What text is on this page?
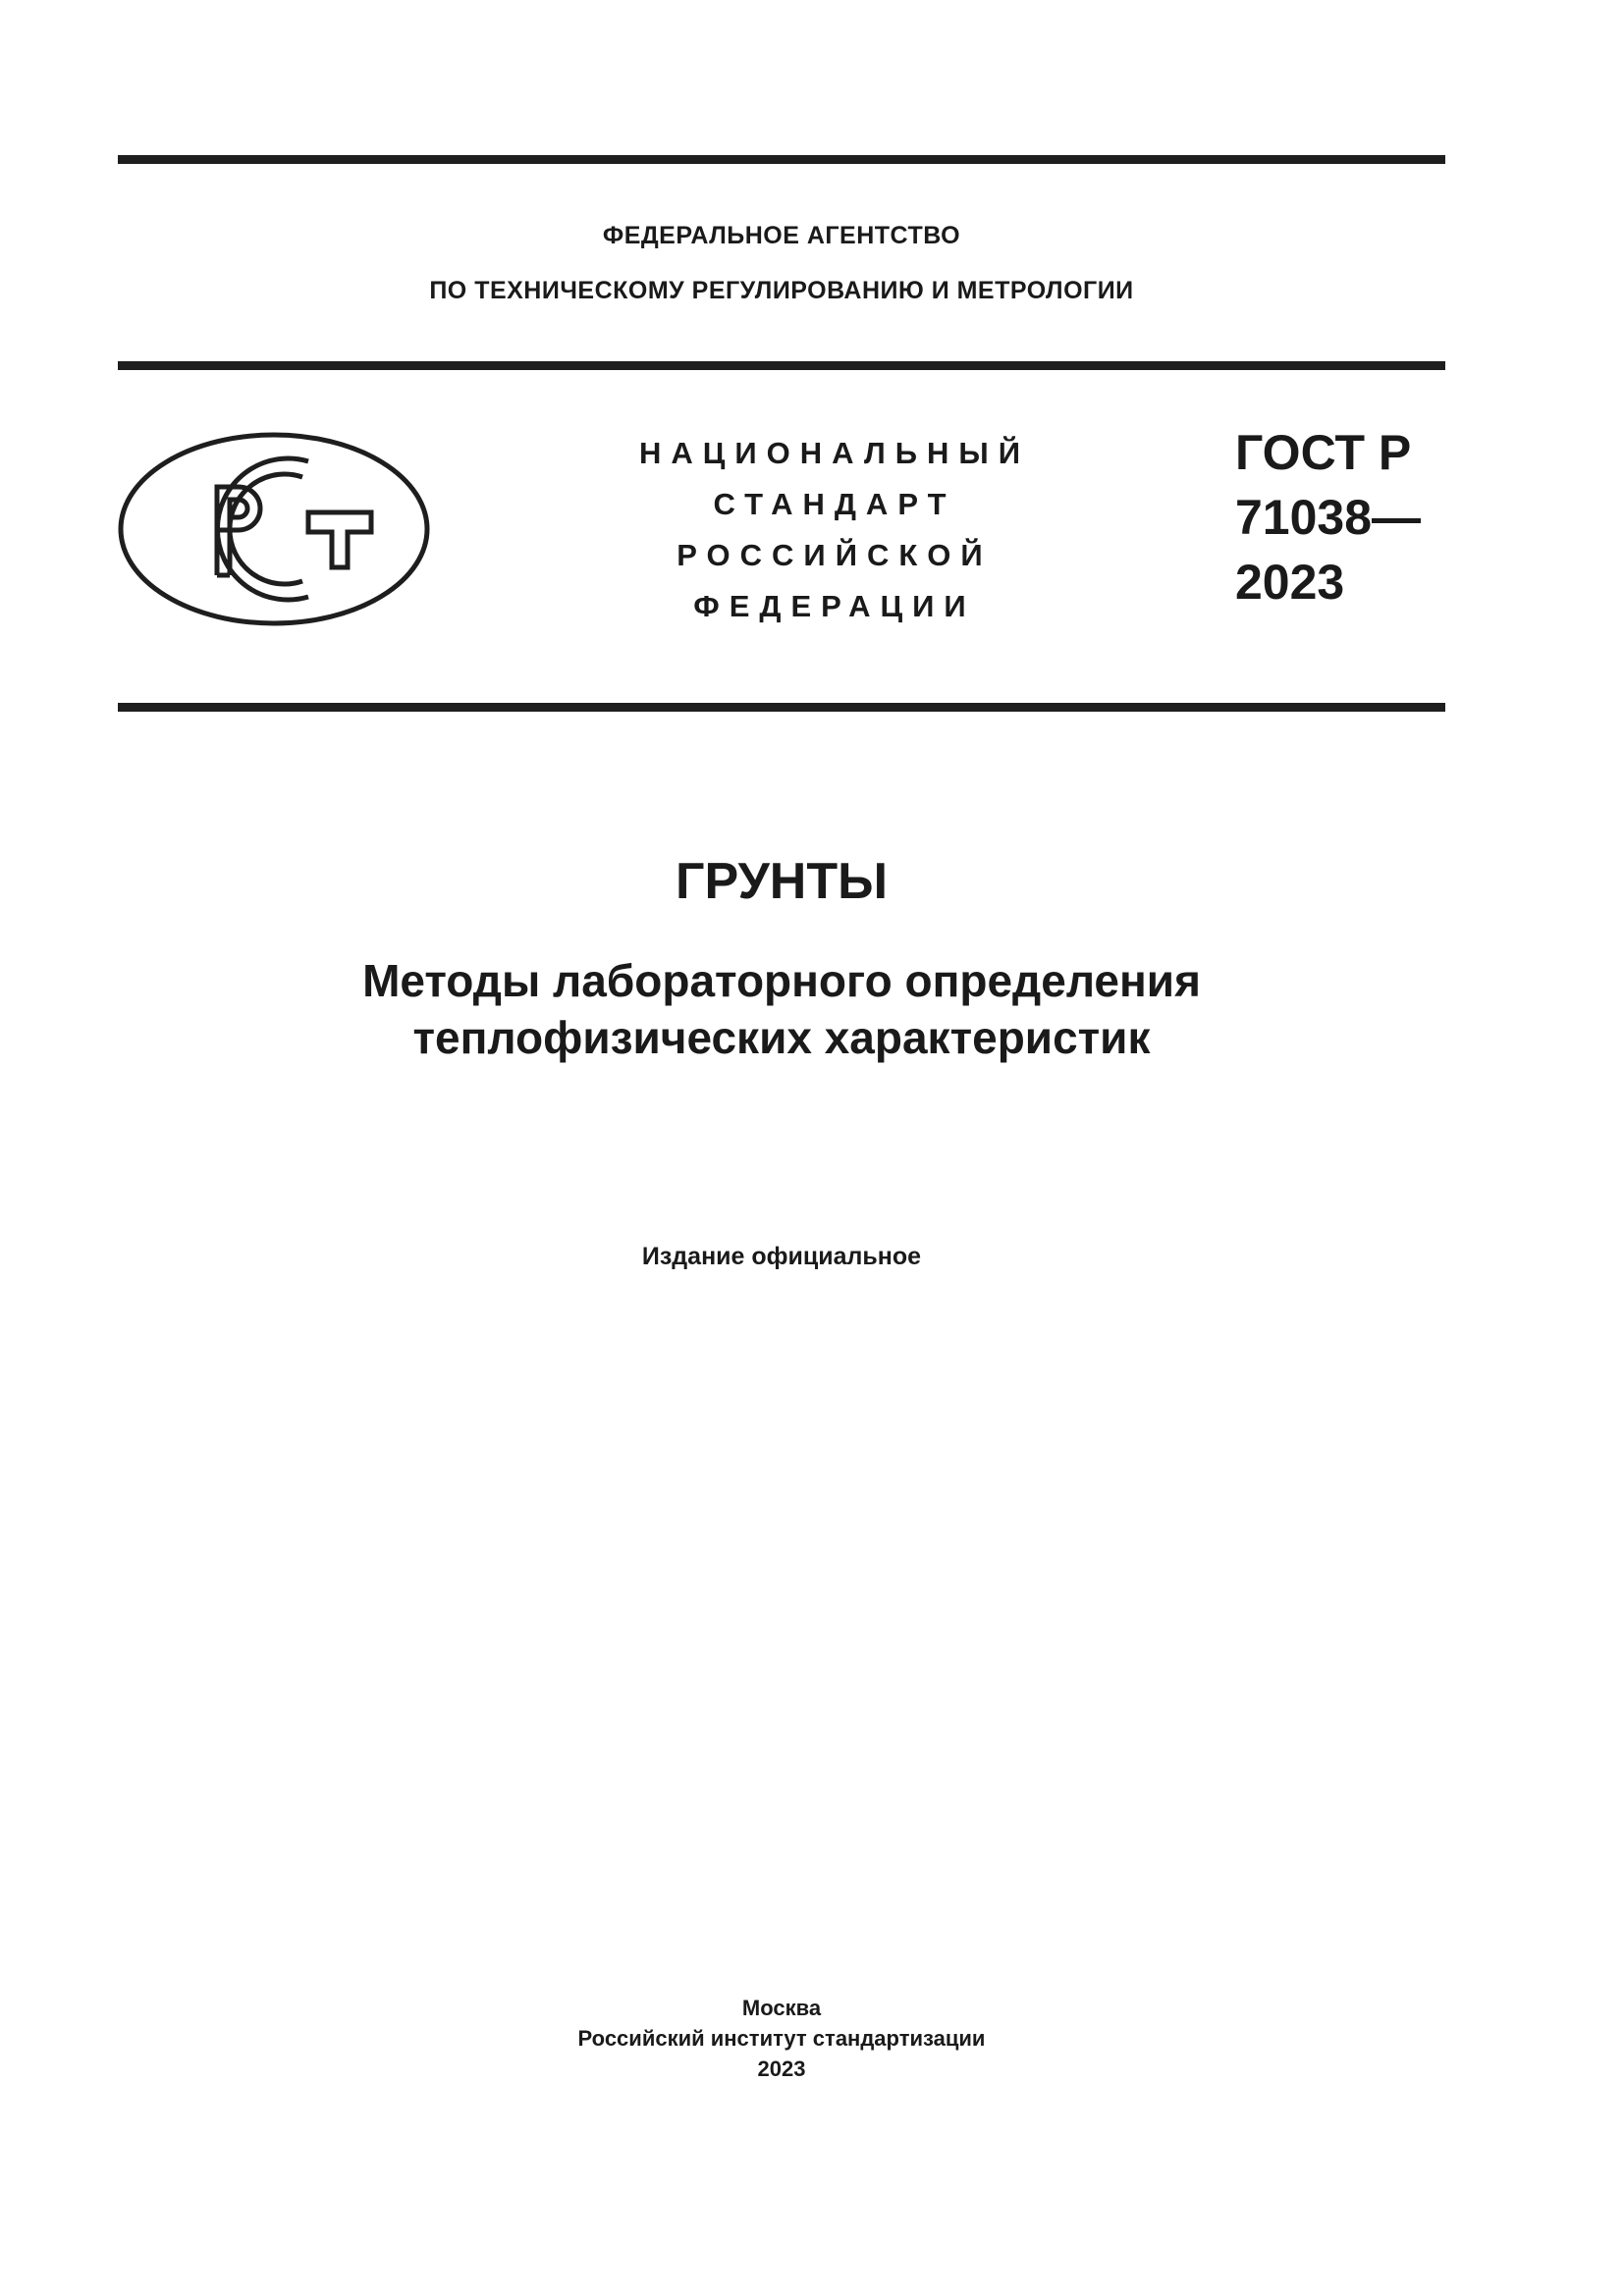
ФЕДЕРАЛЬНОЕ АГЕНТСТВО
ПО ТЕХНИЧЕСКОМУ РЕГУЛИРОВАНИЮ И МЕТРОЛОГИИ
НАЦИОНАЛЬНЫЙ
СТАНДАРТ
РОССИЙСКОЙ
ФЕДЕРАЦИИ
ГОСТ Р
71038—
2023
ГРУНТЫ
Методы лабораторного определения
теплофизических характеристик
Издание официальное
Москва
Российский институт стандартизации
2023
